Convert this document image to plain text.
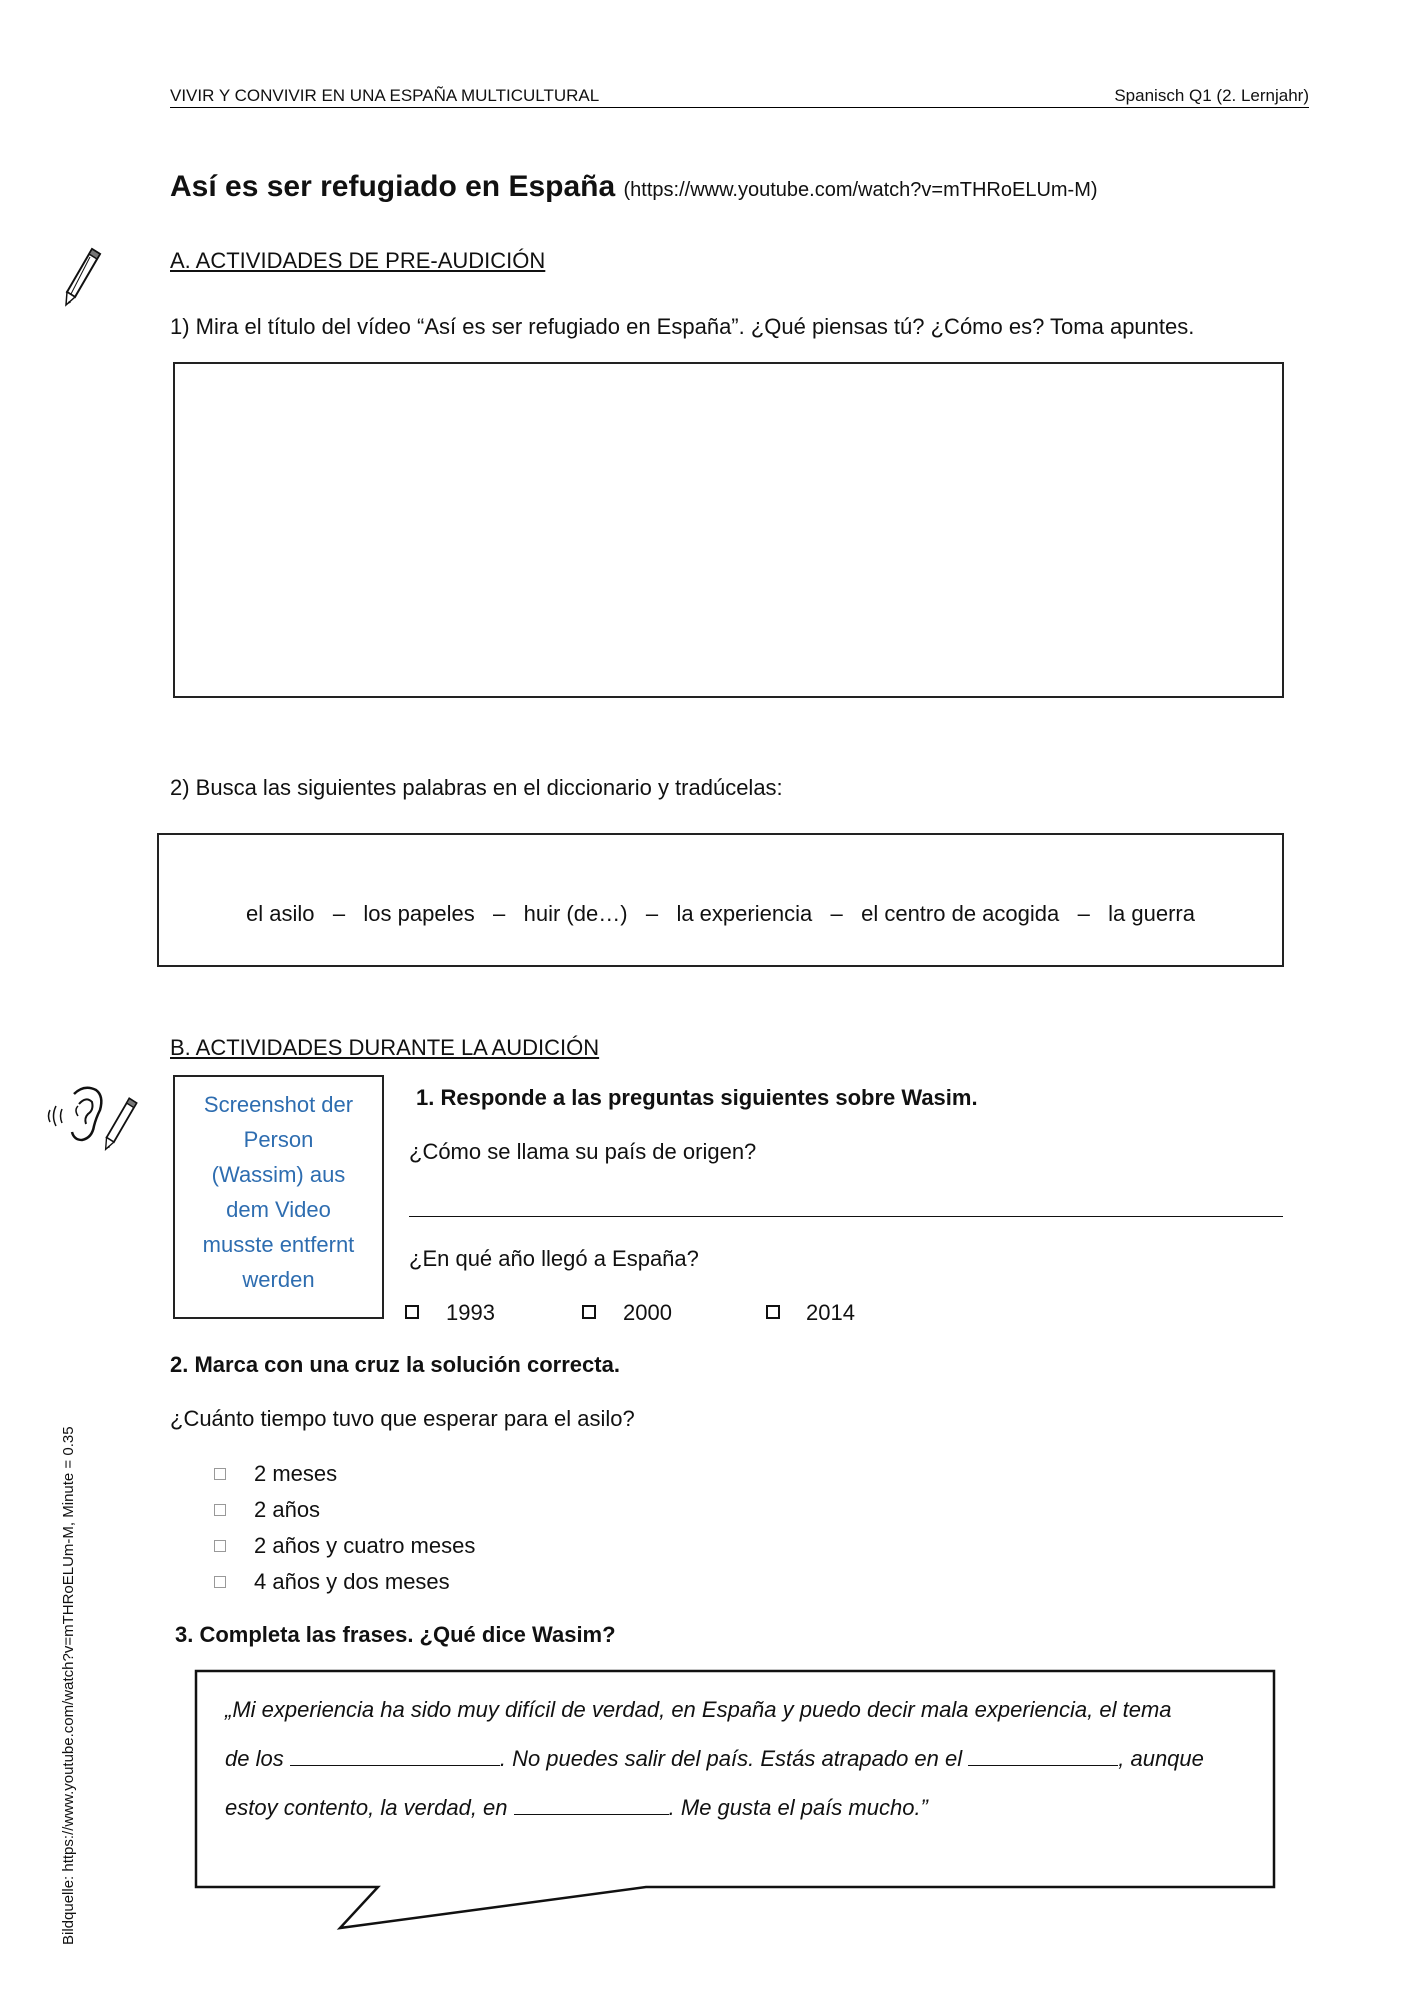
VIVIR Y CONVIVIR EN UNA ESPAÑA MULTICULTURAL	Spanisch Q1 (2. Lernjahr)
Así es ser refugiado en España (https://www.youtube.com/watch?v=mTHRoELUm-M)
A. ACTIVIDADES DE PRE-AUDICIÓN
1) Mira el título del vídeo “Así es ser refugiado en España”. ¿Qué piensas tú? ¿Cómo es? Toma apuntes.
2) Busca las siguientes palabras en el diccionario y tradúcelas:
el asilo   –   los papeles   –   huir (de…)   –   la experiencia   –   el centro de acogida   –   la guerra
B. ACTIVIDADES DURANTE LA AUDICIÓN
Screenshot der
Person
(Wassim) aus
dem Video
musste entfernt
werden
1. Responde a las preguntas siguientes sobre Wasim.
¿Cómo se llama su país de origen?
¿En qué año llegó a España?
1993	2000	2014
2. Marca con una cruz la solución correcta.
¿Cuánto tiempo tuvo que esperar para el asilo?
2 meses
2 años
2 años y cuatro meses
4 años y dos meses
3. Completa las frases. ¿Qué dice Wasim?
„Mi experiencia ha sido muy difícil de verdad, en España y puedo decir mala experiencia, el tema
de los	. No puedes salir del país. Estás atrapado en el	, aunque
estoy contento, la verdad, en	. Me gusta el país mucho.”
Bildquelle: https://www.youtube.com/watch?v=mTHRoELUm-M, Minute = 0.35
